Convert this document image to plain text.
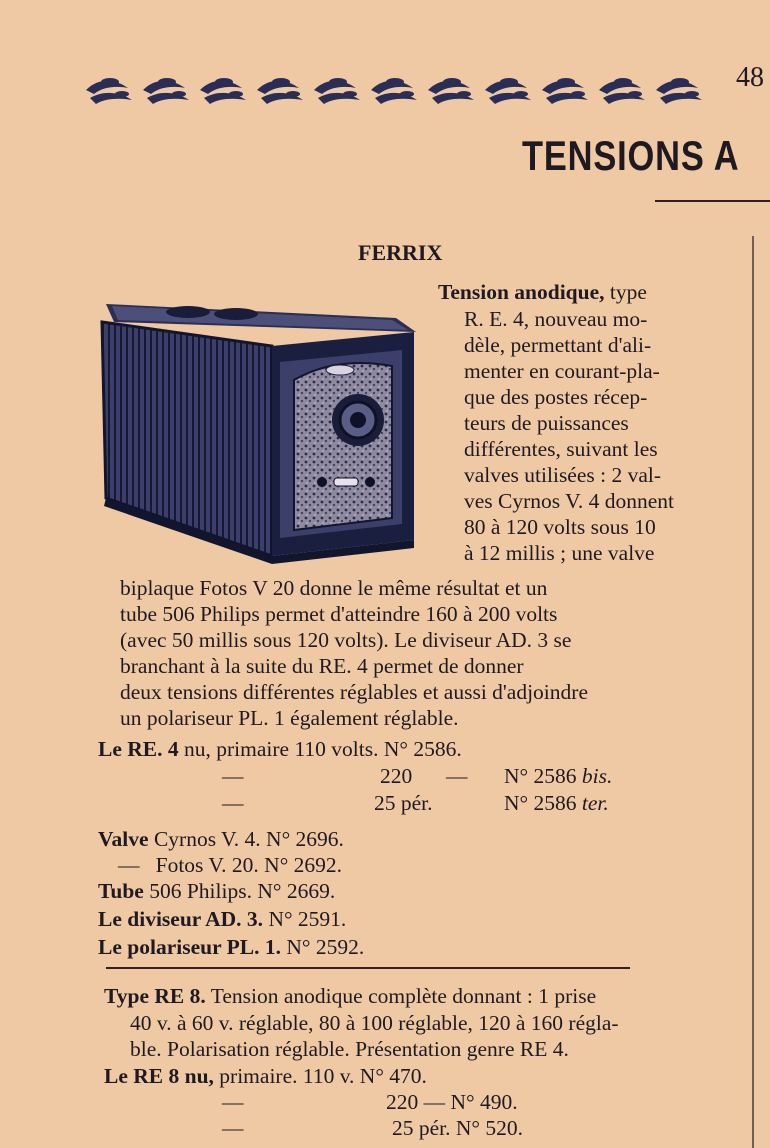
48
TENSIONS A
FERRIX
Tension anodique, type
R. E. 4, nouveau mo-
dèle, permettant d'ali-
menter en courant-pla-
que des postes récep-
teurs de puissances
différentes, suivant les
valves utilisées : 2 val-
ves Cyrnos V. 4 donnent
80 à 120 volts sous 10
à 12 millis ; une valve
biplaque Fotos V 20 donne le même résultat et un
tube 506 Philips permet d'atteindre 160 à 200 volts
(avec 50 millis sous 120 volts). Le diviseur AD. 3 se
branchant à la suite du RE. 4 permet de donner
deux tensions différentes réglables et aussi d'adjoindre
un polariseur PL. 1 également réglable.
Le RE. 4 nu, primaire 110 volts. N° 2586.
—	220 — N° 2586 bis.
—	25 pér.	N° 2586 ter.
Valve Cyrnos V. 4. N° 2696.
— Fotos V. 20. N° 2692.
Tube 506 Philips. N° 2669.
Le diviseur AD. 3. N° 2591.
Le polariseur PL. 1. N° 2592.
Type RE 8. Tension anodique complète donnant : 1 prise
40 v. à 60 v. réglable, 80 à 100 réglable, 120 à 160 régla-
ble. Polarisation réglable. Présentation genre RE 4.
Le RE 8 nu, primaire. 110 v. N° 470.
—	220 — N° 490.
—	25 pér. N° 520.
